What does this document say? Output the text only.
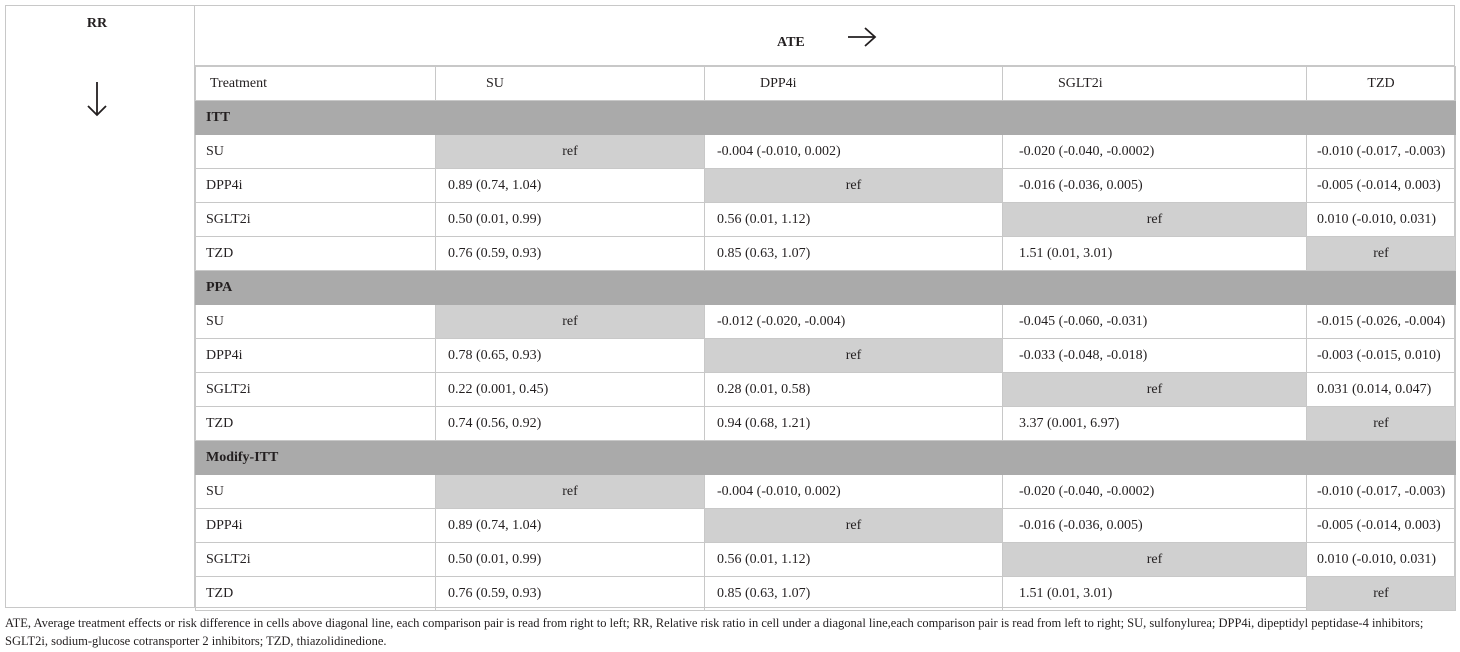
RR
ATE
Treatment	SU	DPP4i	SGLT2i	TZD
ITT				
SU	ref	-0.004 (-0.010, 0.002)	-0.020 (-0.040, -0.0002)	-0.010 (-0.017, -0.003)
DPP4i	0.89 (0.74, 1.04)	ref	-0.016 (-0.036, 0.005)	-0.005 (-0.014, 0.003)
SGLT2i	0.50 (0.01, 0.99)	0.56 (0.01, 1.12)	ref	0.010 (-0.010, 0.031)
TZD	0.76 (0.59, 0.93)	0.85 (0.63, 1.07)	1.51 (0.01, 3.01)	ref
PPA				
SU	ref	-0.012 (-0.020, -0.004)	-0.045 (-0.060, -0.031)	-0.015 (-0.026, -0.004)
DPP4i	0.78 (0.65, 0.93)	ref	-0.033 (-0.048, -0.018)	-0.003 (-0.015, 0.010)
SGLT2i	0.22 (0.001, 0.45)	0.28 (0.01, 0.58)	ref	0.031 (0.014, 0.047)
TZD	0.74 (0.56, 0.92)	0.94 (0.68, 1.21)	3.37 (0.001, 6.97)	ref
Modify-ITT				
SU	ref	-0.004 (-0.010, 0.002)	-0.020 (-0.040, -0.0002)	-0.010 (-0.017, -0.003)
DPP4i	0.89 (0.74, 1.04)	ref	-0.016 (-0.036, 0.005)	-0.005 (-0.014, 0.003)
SGLT2i	0.50 (0.01, 0.99)	0.56 (0.01, 1.12)	ref	0.010 (-0.010, 0.031)
TZD	0.76 (0.59, 0.93)	0.85 (0.63, 1.07)	1.51 (0.01, 3.01)	ref
ATE, Average treatment effects or risk difference in cells above diagonal line, each comparison pair is read from right to left; RR, Relative risk ratio in cell under a diagonal line,each comparison pair is read from left to right; SU, sulfonylurea; DPP4i, dipeptidyl peptidase-4 inhibitors; SGLT2i, sodium-glucose cotransporter 2 inhibitors; TZD, thiazolidinedione.
